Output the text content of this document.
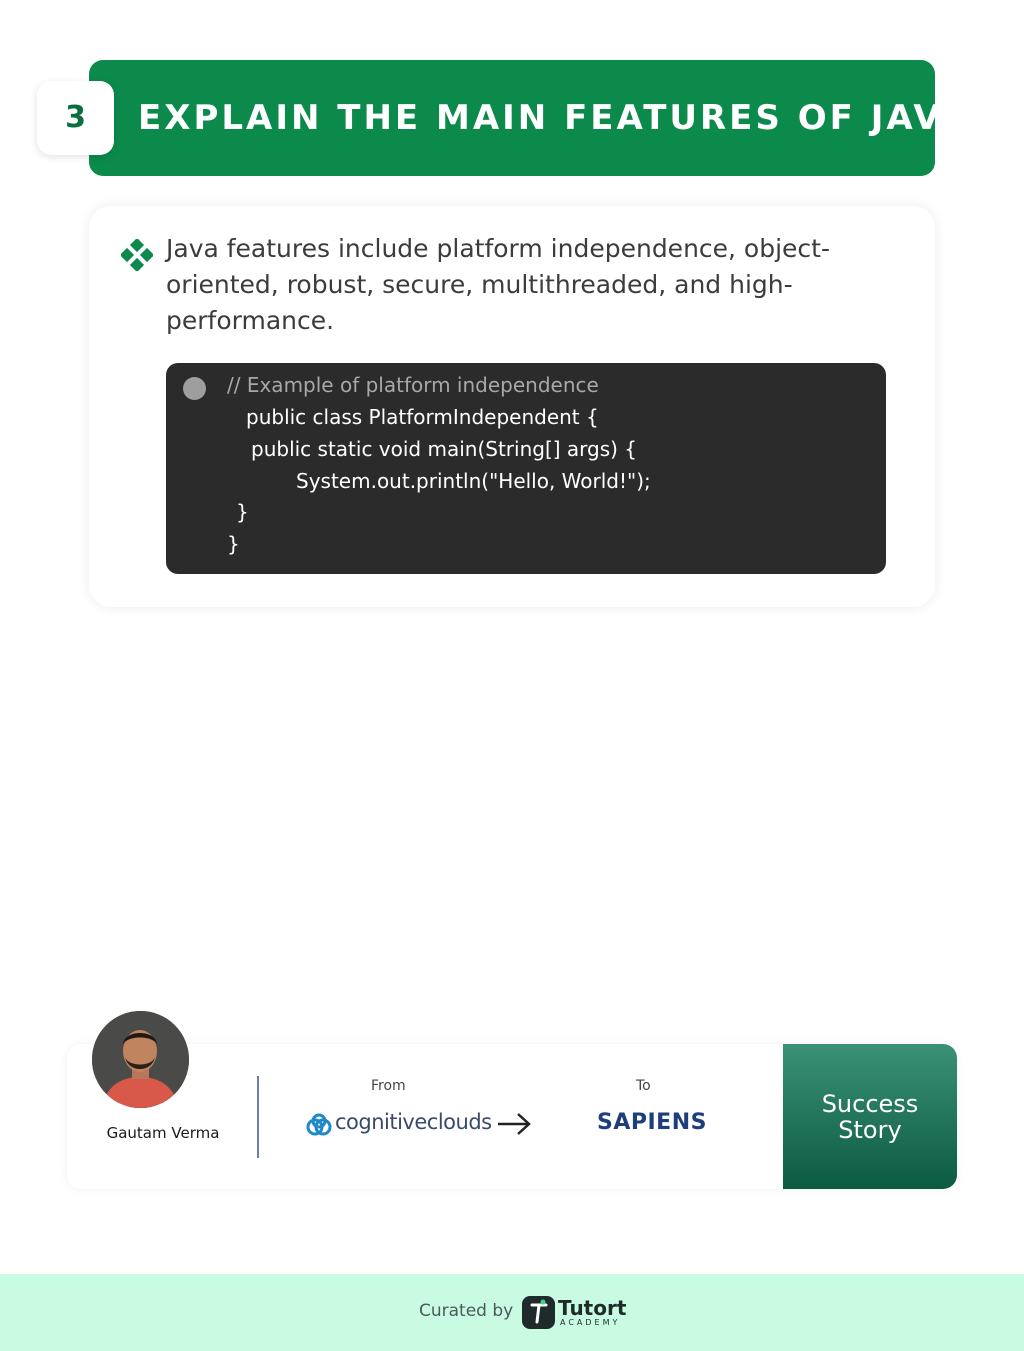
EXPLAIN THE MAIN FEATURES OF JAVA.
3
Java features include platform independence, object-
oriented, robust, secure, multithreaded, and high-
performance.
// Example of platform independence
public class PlatformIndependent {
public static void main(String[] args) {
System.out.println("Hello, World!");
}
}
Gautam Verma
From
cognitiveclouds
To
SAPIENS
Success
Story
Curated by Tutort
ACADEMY
